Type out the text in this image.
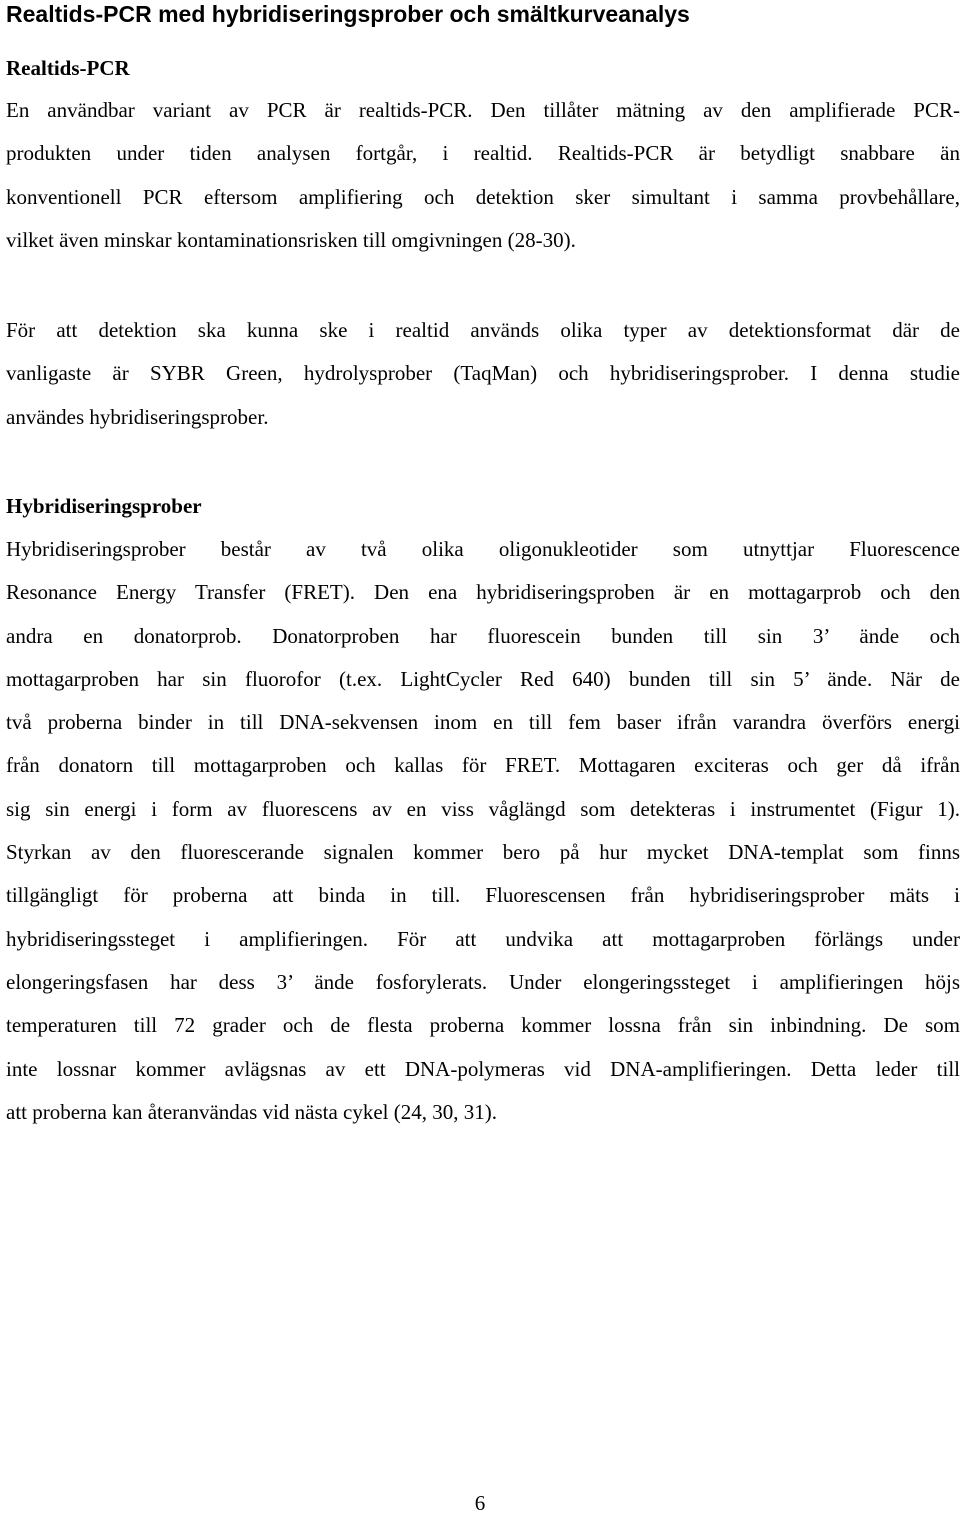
Realtids-PCR med hybridiseringsprober och smältkurveanalys
Realtids-PCR
En användbar variant av PCR är realtids-PCR. Den tillåter mätning av den amplifierade PCR-
produkten under tiden analysen fortgår, i realtid. Realtids-PCR är betydligt snabbare än
konventionell PCR eftersom amplifiering och detektion sker simultant i samma provbehållare,
vilket även minskar kontaminationsrisken till omgivningen (28-30).
För att detektion ska kunna ske i realtid används olika typer av detektionsformat där de
vanligaste är SYBR Green, hydrolysprober (TaqMan) och hybridiseringsprober. I denna studie
användes hybridiseringsprober.
Hybridiseringsprober
Hybridiseringsprober består av två olika oligonukleotider som utnyttjar Fluorescence
Resonance Energy Transfer (FRET). Den ena hybridiseringsproben är en mottagarprob och den
andra en donatorprob. Donatorproben har fluorescein bunden till sin 3’ ände och
mottagarproben har sin fluorofor (t.ex. LightCycler Red 640) bunden till sin 5’ ände. När de
två proberna binder in till DNA-sekvensen inom en till fem baser ifrån varandra överförs energi
från donatorn till mottagarproben och kallas för FRET. Mottagaren exciteras och ger då ifrån
sig sin energi i form av fluorescens av en viss våglängd som detekteras i instrumentet (Figur 1).
Styrkan av den fluorescerande signalen kommer bero på hur mycket DNA-templat som finns
tillgängligt för proberna att binda in till. Fluorescensen från hybridiseringsprober mäts i
hybridiseringssteget i amplifieringen. För att undvika att mottagarproben förlängs under
elongeringsfasen har dess 3’ ände fosforylerats. Under elongeringssteget i amplifieringen höjs
temperaturen till 72 grader och de flesta proberna kommer lossna från sin inbindning. De som
inte lossnar kommer avlägsnas av ett DNA-polymeras vid DNA-amplifieringen. Detta leder till
att proberna kan återanvändas vid nästa cykel (24, 30, 31).
6
